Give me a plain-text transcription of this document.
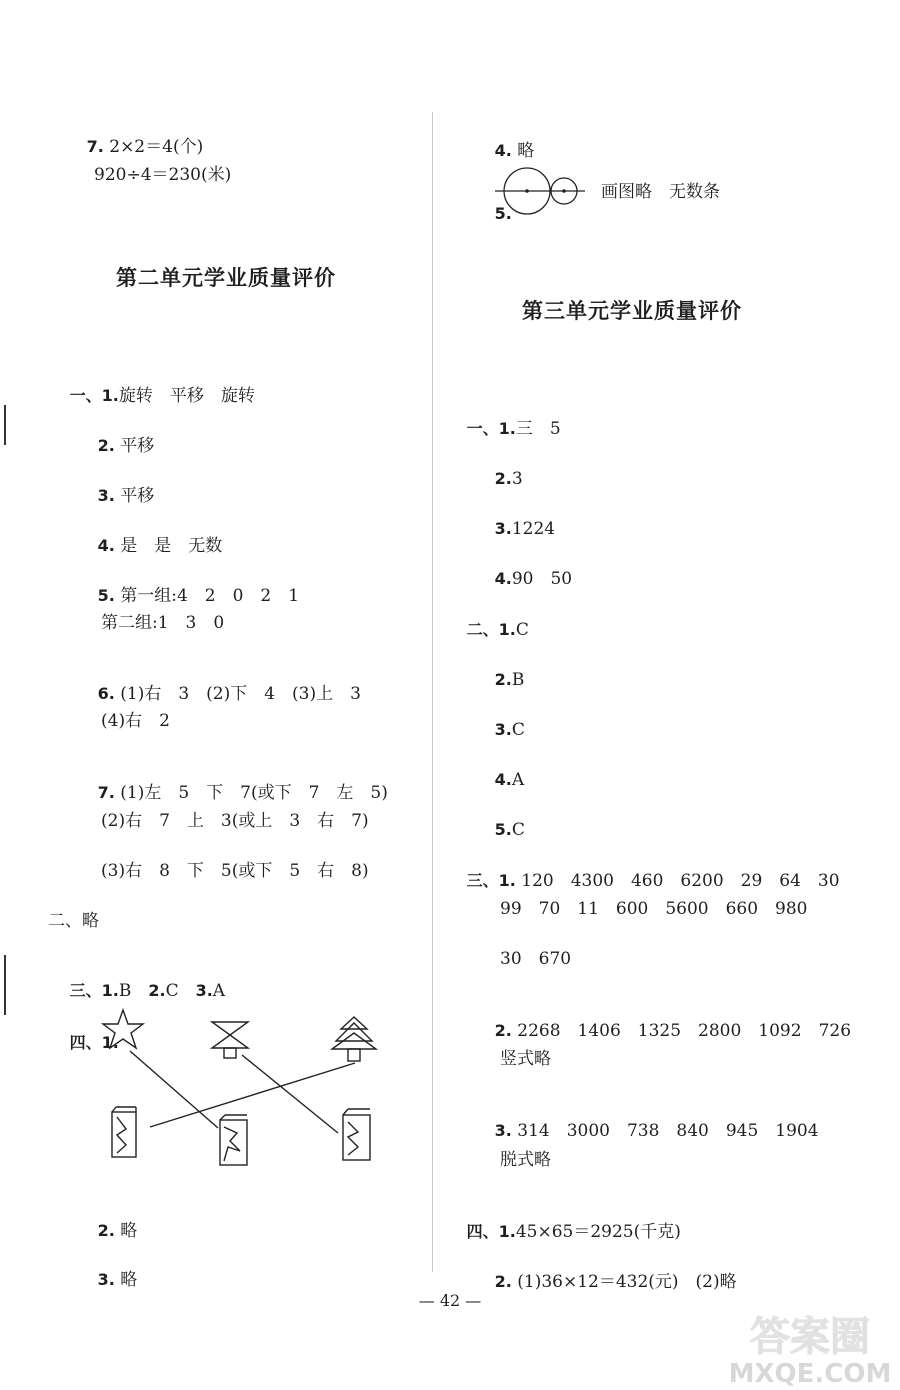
7. 2×2＝4(个)

920÷4＝230(米)
第二单元学业质量评价

一、1.旋转　平移　旋转

2. 平移

3. 平移

4. 是　是　无数

5. 第一组:4　2　0　2　1

第二组:1　3　0

6. (1)右　3　(2)下　4　(3)上　3

(4)右　2

7. (1)左　5　下　7(或下　7　左　5)

(2)右　7　上　3(或上　3　右　7)
(3)右　8　下　5(或下　5　右　8)
二、略

三、1.B　 2.C　 3.A

四、1.

2. 略

3. 略

4. 略

5.

画图略　无数条
第三单元学业质量评价

一、1.三　5

2.3

3.1224

4.90　50

二、1.C

2.B

3.C

4.A

5.C

三、1. 120　4300　460　6200　29　64　30

99　70　11　600　5600　660　980
30　670

2. 2268　1406　1325　2800　1092　726

竖式略

3. 314　3000　738　840　945　1904

脱式略

四、1.45×65＝2925(千克)

2. (1)36×12＝432(元)　(2)略

— 42 —
答案圈
MXQE.COM
